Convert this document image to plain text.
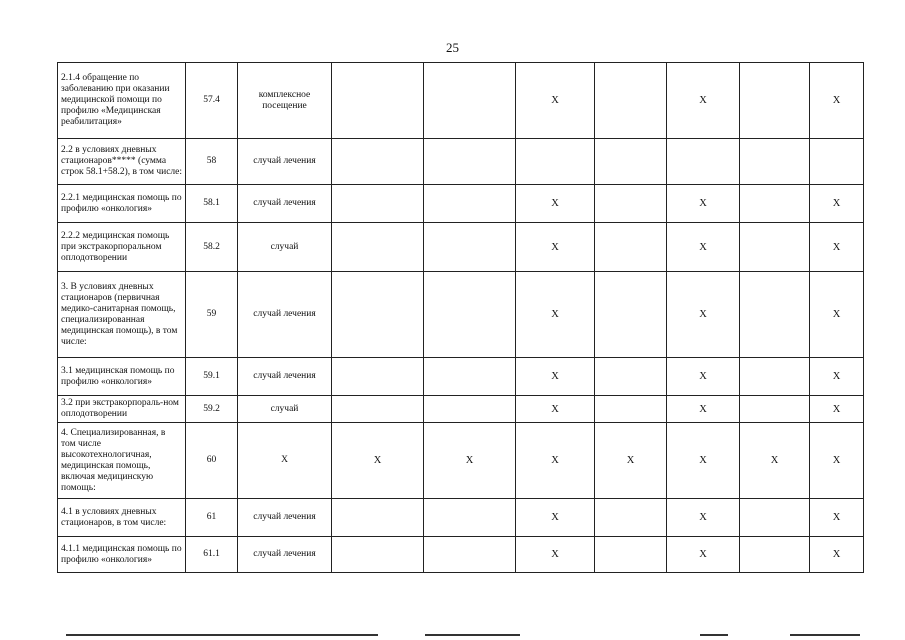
25
2.1.4 обращение по заболеванию при оказании медицинской помощи по профилю «Медицинская реабилитация»	57.4	комплексное посещение			X		X		X
2.2 в условиях дневных стационаров***** (сумма строк 58.1+58.2), в том числе:	58	случай лечения							
2.2.1 медицинская помощь по профилю «онкология»	58.1	случай лечения			X		X		X
2.2.2 медицинская помощь при экстракорпоральном оплодотворении	58.2	случай			X		X		X
3. В условиях дневных стационаров (первичная медико-санитарная помощь, специализированная медицинская помощь), в том числе:	59	случай лечения			X		X		X
3.1 медицинская помощь по профилю «онкология»	59.1	случай лечения			X		X		X
3.2 при экстракорпораль-ном оплодотворении	59.2	случай			X		X		X
4. Специализированная, в том числе высокотехнологичная, медицинская помощь, включая медицинскую помощь:	60	X	X	X	X	X	X	X	X
4.1 в условиях дневных стационаров, в том числе:	61	случай лечения			X		X		X
4.1.1 медицинская помощь по профилю «онкология»	61.1	случай лечения			X		X		X
